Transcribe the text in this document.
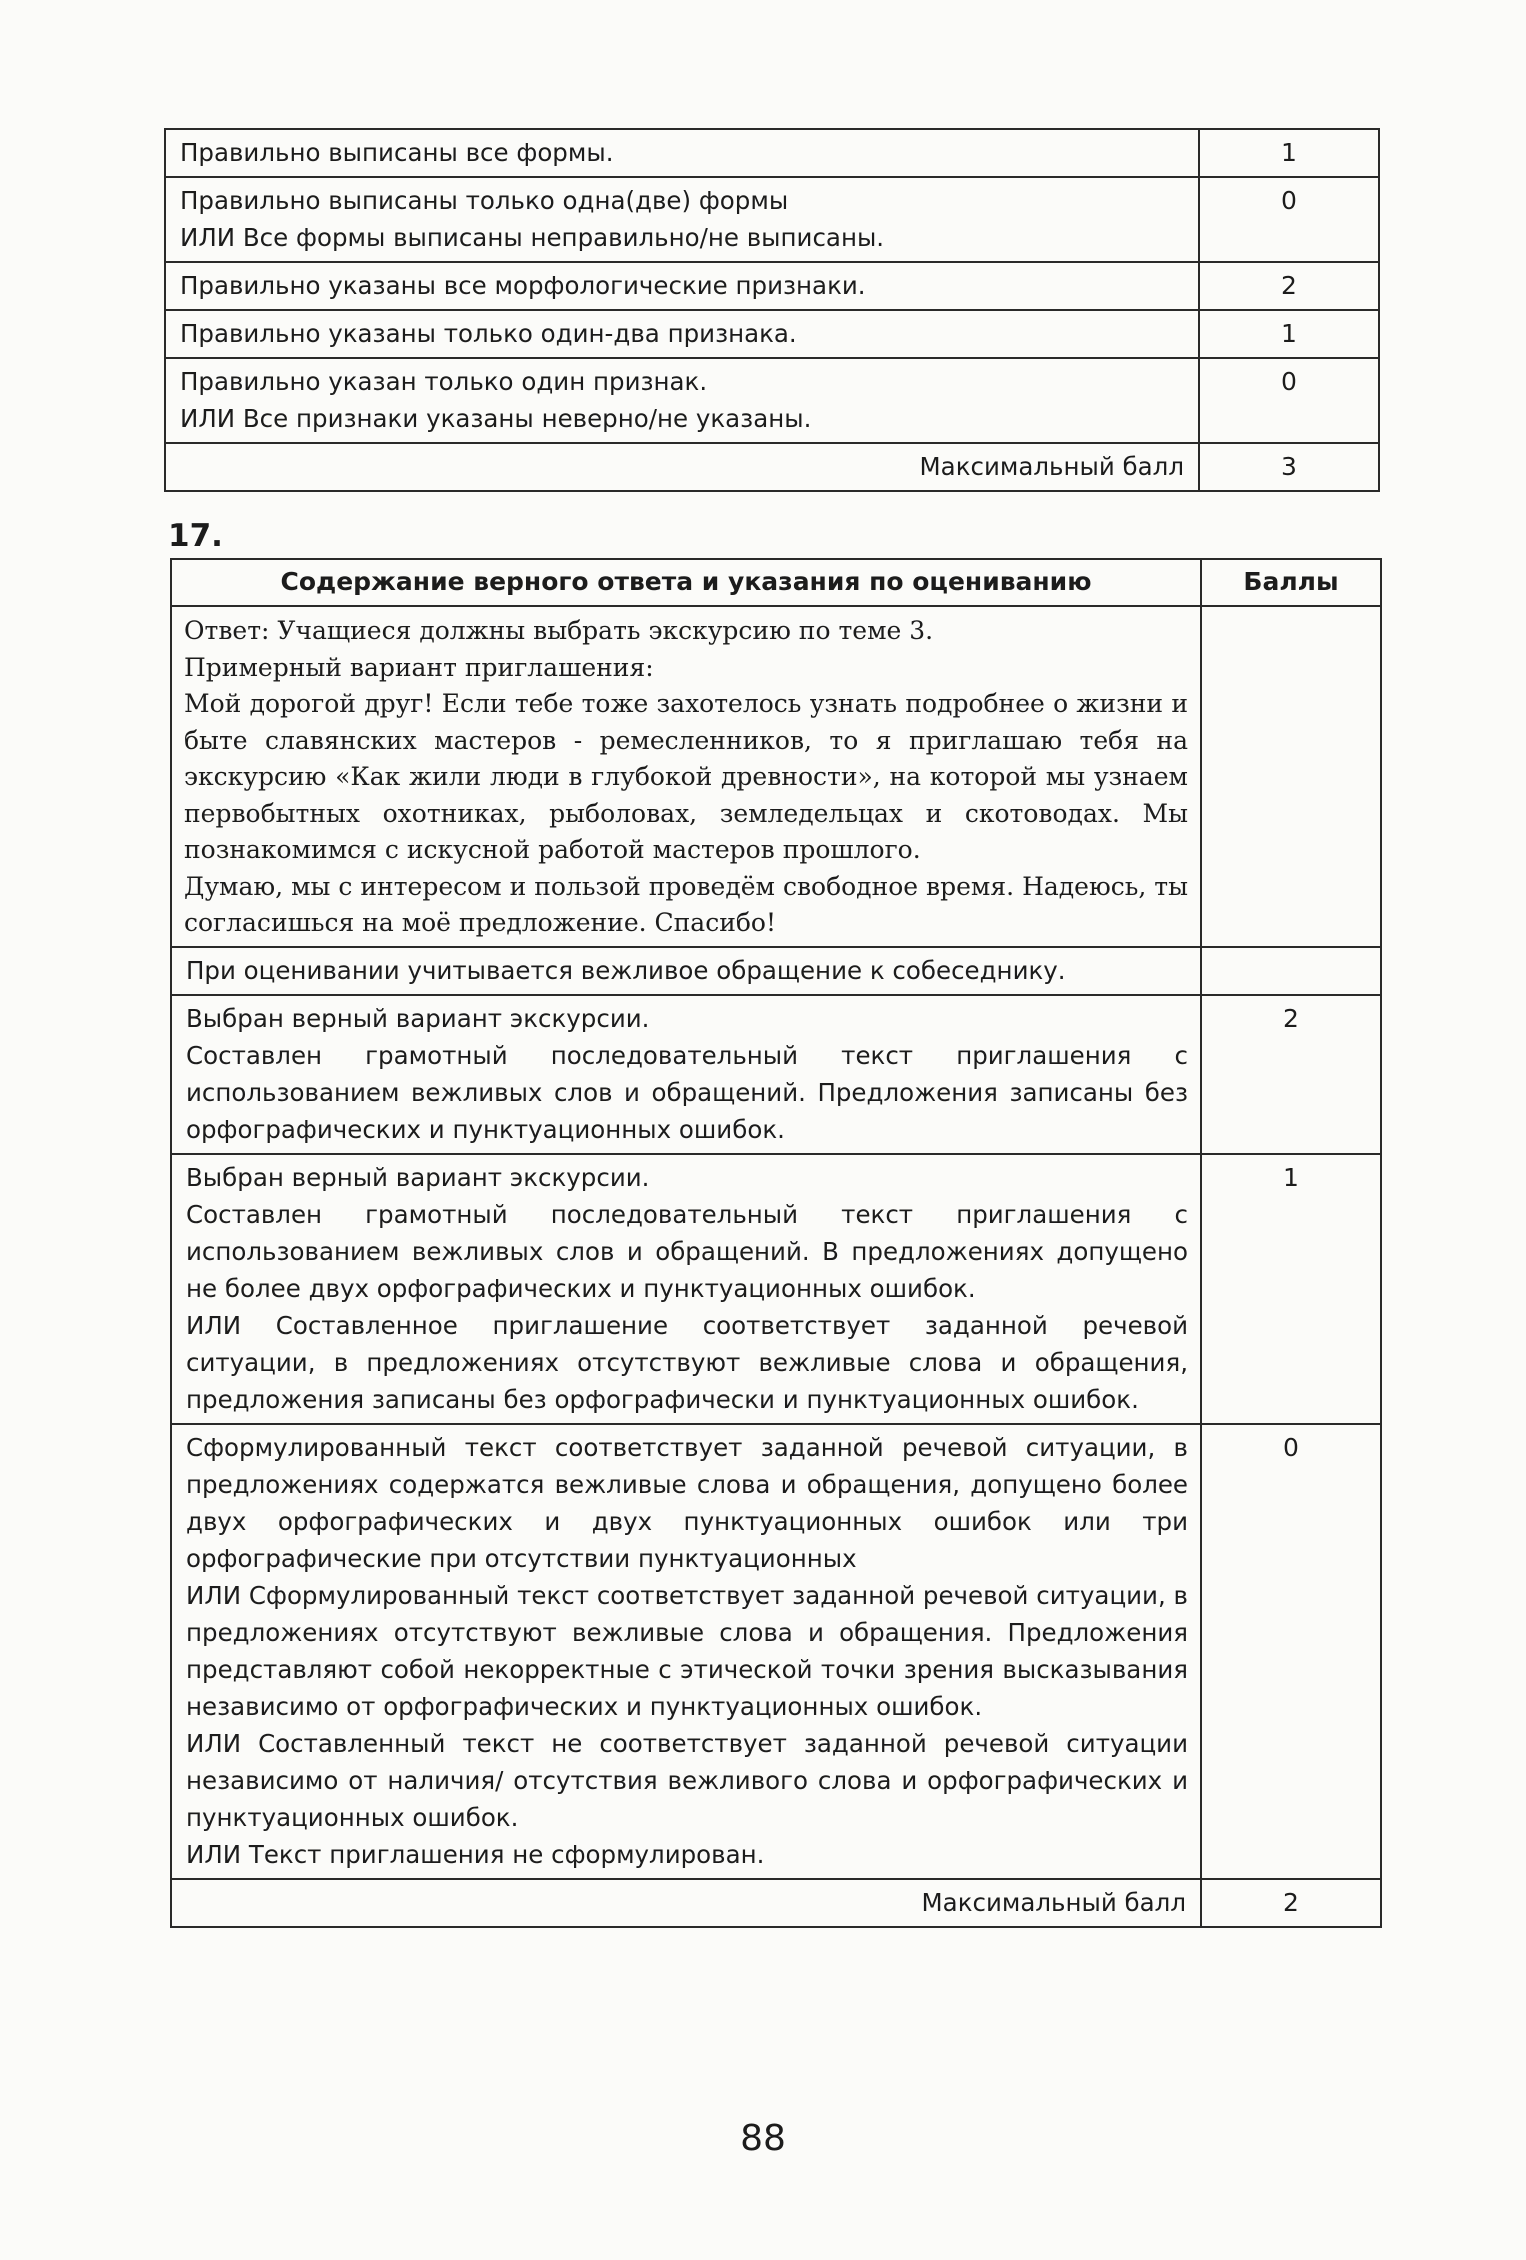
Правильно выписаны все формы.	1

Правильно выписаны только одна(две) формы
ИЛИ Все формы выписаны неправильно/не выписаны.	0

Правильно указаны все морфологические признаки.	2

Правильно указаны только один-два признака.	1

Правильно указан только один признак.
ИЛИ Все признаки указаны неверно/не указаны.	0
Максимальный балл	3
17.
Содержание верного ответа и указания по оцениванию	Баллы

Ответ: Учащиеся должны выбрать экскурсию по теме 3.
Примерный вариант приглашения:
Мой дорогой друг! Если тебе тоже захотелось узнать подробнее о жизни и быте славянских мастеров - ремесленников, то я приглашаю тебя на экскурсию «Как жили люди в глубокой древности», на которой мы узнаем первобытных охотниках, рыболовах, земледельцах и скотоводах. Мы познакомимся с искусной работой мастеров прошлого.
Думаю, мы с интересом и пользой проведём свободное время. Надеюсь, ты согласишься на моё предложение. Спасибо!	

При оценивании учитывается вежливое обращение к собеседнику.	

Выбран верный вариант экскурсии.
Составлен грамотный последовательный текст приглашения с использованием вежливых слов и обращений. Предложения записаны без орфографических и пунктуационных ошибок.	2

Выбран верный вариант экскурсии.
Составлен грамотный последовательный текст приглашения с использованием вежливых слов и обращений. В предложениях допущено не более двух орфографических и пунктуационных ошибок.
ИЛИ Составленное приглашение соответствует заданной речевой ситуации, в предложениях отсутствуют вежливые слова и обращения, предложения записаны без орфографически и пунктуационных ошибок.	1

Сформулированный текст соответствует заданной речевой ситуации, в предложениях содержатся вежливые слова и обращения, допущено более двух орфографических и двух пунктуационных ошибок или три орфографические при отсутствии пунктуационных
ИЛИ Сформулированный текст соответствует заданной речевой ситуации, в предложениях отсутствуют вежливые слова и обращения. Предложения представляют собой некорректные с этической точки зрения высказывания независимо от орфографических и пунктуационных ошибок.
ИЛИ Составленный текст не соответствует заданной речевой ситуации независимо от наличия/ отсутствия вежливого слова и орфографических и пунктуационных ошибок.
ИЛИ Текст приглашения не сформулирован.	0
Максимальный балл	2
88
